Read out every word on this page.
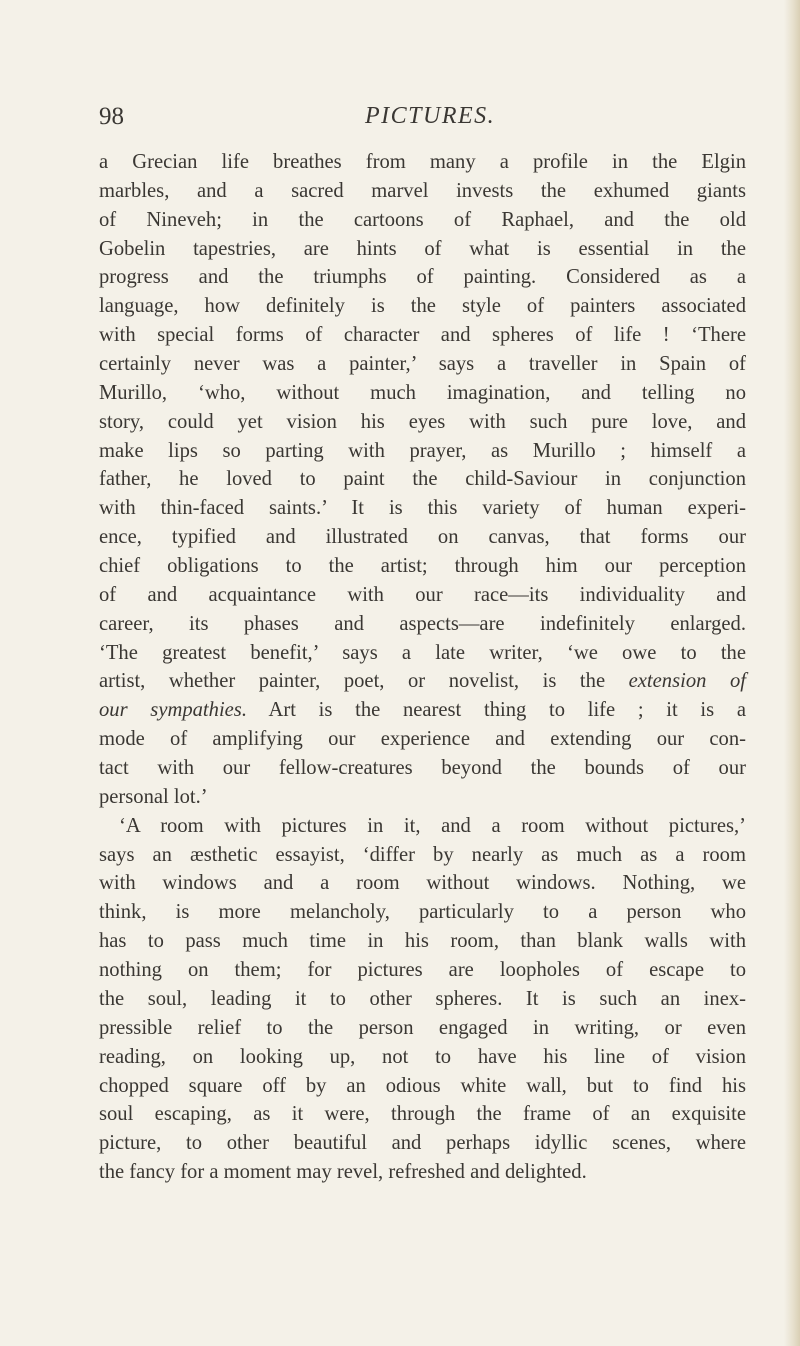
98	PICTURES.
a Grecian life breathes from many a profile in the Elgin
marbles, and a sacred marvel invests the exhumed giants
of Nineveh; in the cartoons of Raphael, and the old
Gobelin tapestries, are hints of what is essential in the
progress and the triumphs of painting. Considered as a
language, how definitely is the style of painters associated
with special forms of character and spheres of life ! ‘There
certainly never was a painter,’ says a traveller in Spain of
Murillo, ‘who, without much imagination, and telling no
story, could yet vision his eyes with such pure love, and
make lips so parting with prayer, as Murillo ; himself a
father, he loved to paint the child-Saviour in conjunction
with thin-faced saints.’ It is this variety of human experi-
ence, typified and illustrated on canvas, that forms our
chief obligations to the artist; through him our perception
of and acquaintance with our race—its individuality and
career, its phases and aspects—are indefinitely enlarged.
‘The greatest benefit,’ says a late writer, ‘we owe to the
artist, whether painter, poet, or novelist, is the extension of
our sympathies. Art is the nearest thing to life ; it is a
mode of amplifying our experience and extending our con-
tact with our fellow-creatures beyond the bounds of our
personal lot.’
‘A room with pictures in it, and a room without pictures,’
says an æsthetic essayist, ‘differ by nearly as much as a room
with windows and a room without windows. Nothing, we
think, is more melancholy, particularly to a person who
has to pass much time in his room, than blank walls with
nothing on them; for pictures are loopholes of escape to
the soul, leading it to other spheres. It is such an inex-
pressible relief to the person engaged in writing, or even
reading, on looking up, not to have his line of vision
chopped square off by an odious white wall, but to find his
soul escaping, as it were, through the frame of an exquisite
picture, to other beautiful and perhaps idyllic scenes, where
the fancy for a moment may revel, refreshed and delighted.
